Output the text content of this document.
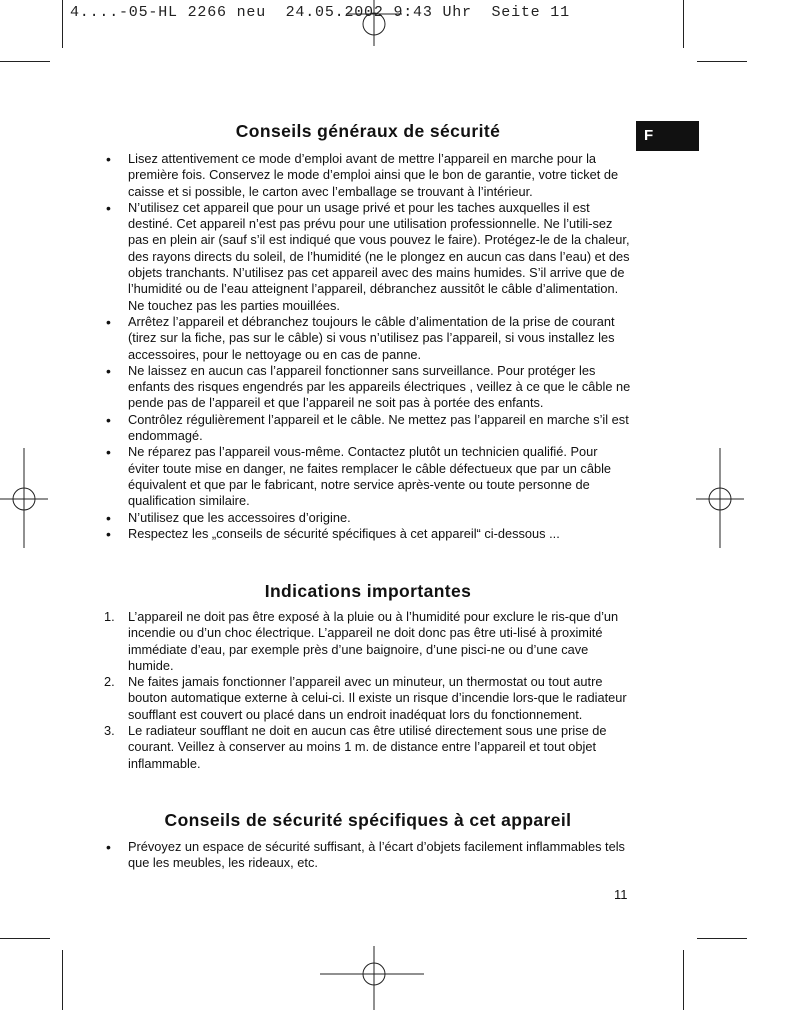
4....-05-HL 2266 neu  24.05.2002 9:43 Uhr  Seite 11
F
Conseils généraux de sécurité
• Lisez attentivement ce mode d’emploi avant de mettre l’appareil en marche pour la première fois. Conservez le mode d’emploi ainsi que le bon de garantie, votre ticket de caisse et si possible, le carton avec l’emballage se trouvant à l’intérieur.
• N’utilisez cet appareil que pour un usage privé et pour les taches auxquelles il est destiné. Cet appareil n’est pas prévu pour une utilisation professionnelle. Ne l’utili-sez pas en plein air (sauf s’il est indiqué que vous pouvez le faire). Protégez-le de la chaleur, des rayons directs du soleil, de l’humidité (ne le plongez en aucun cas dans l’eau) et des objets tranchants. N’utilisez pas cet appareil avec des mains humides. S’il arrive que de l’humidité ou de l’eau atteignent l’appareil, débranchez aussitôt le câble d’alimentation. Ne touchez pas les parties mouillées.
• Arrêtez l’appareil et débranchez toujours le câble d’alimentation de la prise de courant (tirez sur la fiche, pas sur le câble) si vous n’utilisez pas l’appareil, si vous installez les accessoires, pour le nettoyage ou en cas de panne.
• Ne laissez en aucun cas l’appareil fonctionner sans surveillance. Pour protéger les enfants des risques engendrés par les appareils électriques , veillez à ce que le câble ne pende pas de l’appareil et que l’appareil ne soit pas à portée des enfants.
• Contrôlez régulièrement l’appareil et le câble. Ne mettez pas l’appareil en marche s’il est endommagé.
• Ne réparez pas l’appareil vous-même. Contactez plutôt un technicien qualifié. Pour éviter toute mise en danger, ne faites remplacer le câble défectueux que par un câble équivalent et que par le fabricant, notre service après-vente ou toute personne de qualification similaire.
• N’utilisez que les accessoires d’origine.
• Respectez les „conseils de sécurité spécifiques à cet appareil“ ci-dessous ...
Indications importantes
1. L’appareil ne doit pas être exposé à la pluie ou à l’humidité pour exclure le ris-que d’un incendie ou d’un choc électrique. L’appareil ne doit donc pas être uti-lisé à proximité immédiate d’eau, par exemple près d’une baignoire, d’une pisci-ne ou d’une cave humide.
2. Ne faites jamais fonctionner l’appareil avec un minuteur, un thermostat ou tout autre bouton automatique externe à celui-ci. Il existe un risque d’incendie lors-que le radiateur soufflant est couvert ou placé dans un endroit inadéquat lors du fonctionnement.
3. Le radiateur soufflant ne doit en aucun cas être utilisé directement sous une prise de courant. Veillez à conserver au moins 1 m. de distance entre l’appareil et tout objet inflammable.
Conseils de sécurité spécifiques à cet appareil
• Prévoyez un espace de sécurité suffisant, à l’écart d’objets facilement inflammables tels que les meubles, les rideaux, etc.
11
